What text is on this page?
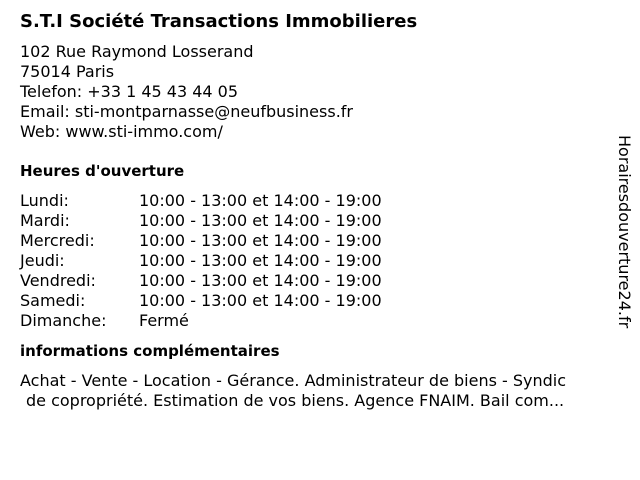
S.T.I Société Transactions Immobilieres
102 Rue Raymond Losserand
75014 Paris
Telefon: +33 1 45 43 44 05
Email: sti-montparnasse@neufbusiness.fr
Web: www.sti-immo.com/
Heures d'ouverture
Lundi:	10:00 - 13:00 et 14:00 - 19:00
Mardi:	10:00 - 13:00 et 14:00 - 19:00
Mercredi:	10:00 - 13:00 et 14:00 - 19:00
Jeudi:	10:00 - 13:00 et 14:00 - 19:00
Vendredi:	10:00 - 13:00 et 14:00 - 19:00
Samedi:	10:00 - 13:00 et 14:00 - 19:00
Dimanche:	Fermé
informations complémentaires
Achat - Vente - Location - Gérance. Administrateur de biens - Syndic
de copropriété. Estimation de vos biens. Agence FNAIM. Bail com...
Horairesdouverture24.fr
